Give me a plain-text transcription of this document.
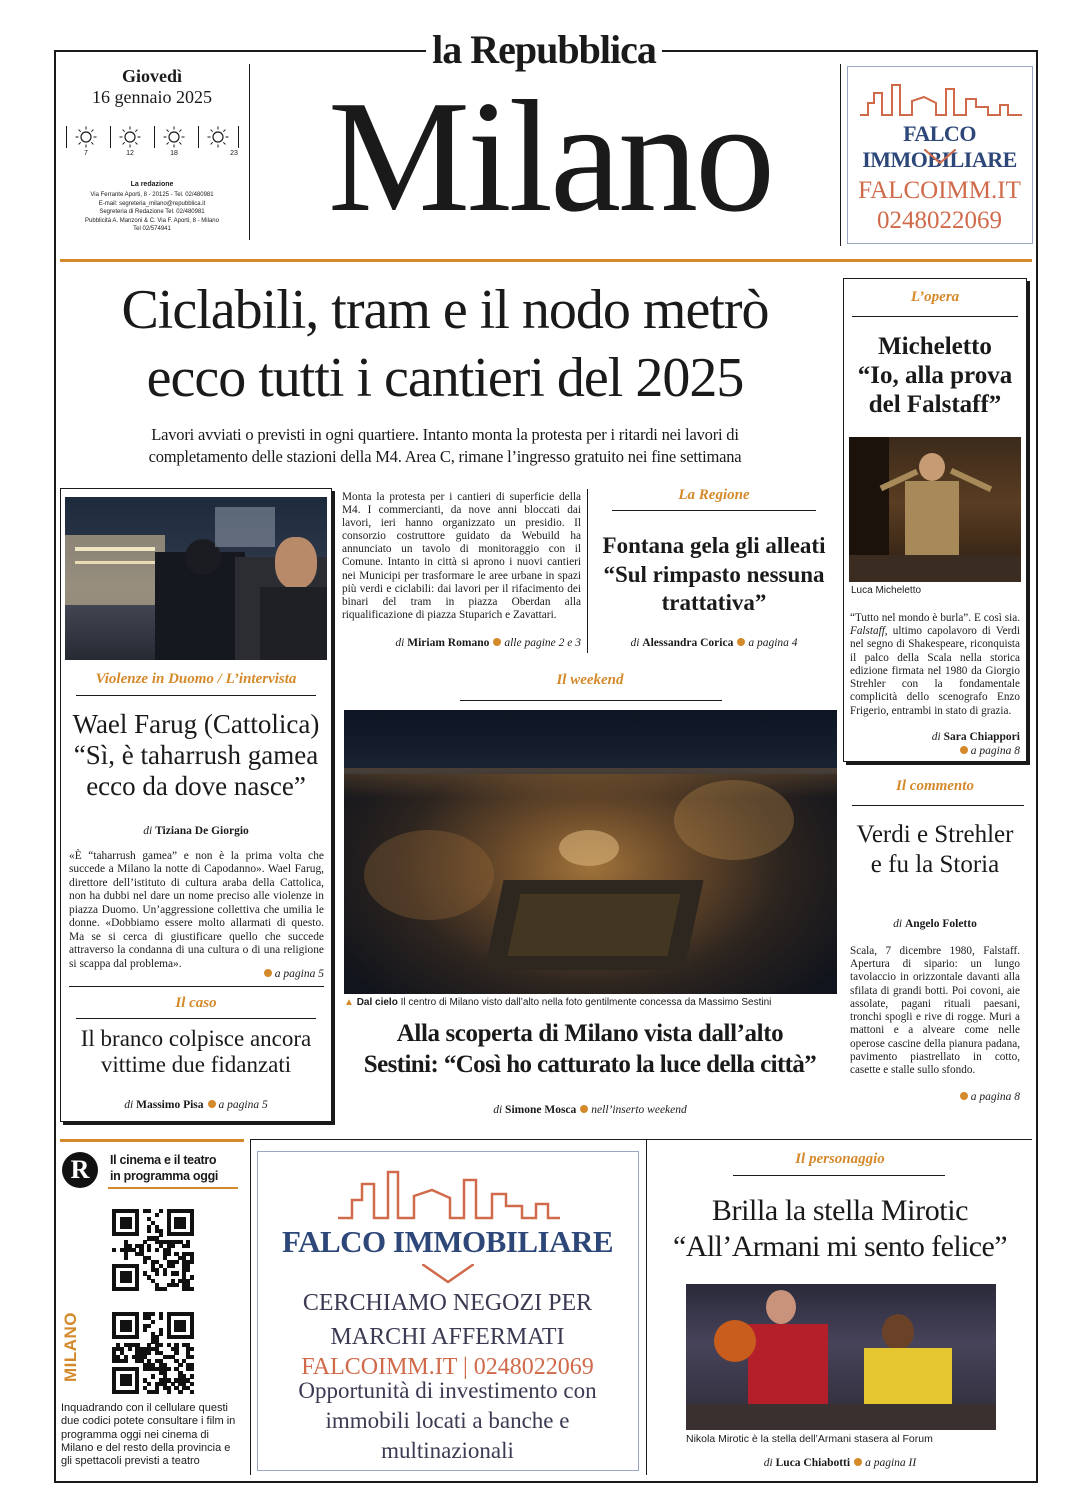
la Repubblica
Milano
Giovedì
16 gennaio 2025
7	12	18	23
La redazione
Via Ferrante Aporti, 8 - 20125 - Tel. 02/480981
E-mail: segreteria_milano@repubblica.it
Segreteria di Redazione Tel. 02/480981
Pubblicità A. Manzoni & C. Via F. Aporti, 8 - Milano
Tel 02/574941
FALCO IMMOBILIARE
FALCOIMM.IT
0248022069
Ciclabili, tram e il nodo metrò
ecco tutti i cantieri del 2025
Lavori avviati o previsti in ogni quartiere. Intanto monta la protesta per i ritardi nei lavori di
completamento delle stazioni della M4. Area C, rimane l’ingresso gratuito nei fine settimana
Violenze in Duomo / L’intervista
Wael Farug (Cattolica)
“Sì, è taharrush gamea
ecco da dove nasce”
di Tiziana De Giorgio
«È “taharrush gamea” e non è la prima volta che succede a Milano la notte di Capodanno». Wael Farug, direttore dell’istituto di cultura araba della Cattolica, non ha dubbi nel dare un nome preciso alle violenze in piazza Duomo. Un’aggressione collettiva che umilia le donne. «Dobbiamo essere molto allarmati di questo. Ma se si cerca di giustificare quello che succede attraverso la condanna di una cultura o di una religione si scappa dal problema».
a pagina 5
Il caso
Il branco colpisce ancora
vittime due fidanzati
di Massimo Pisa a pagina 5
Monta la protesta per i cantieri di superficie della M4. I commercianti, da nove anni bloccati dai lavori, ieri hanno organizzato un presidio. Il consorzio costruttore guidato da Webuild ha annunciato un tavolo di monitoraggio con il Comune. Intanto in città si aprono i nuovi cantieri nei Municipi per trasformare le aree urbane in spazi più verdi e ciclabili: dai lavori per il rifacimento dei binari del tram in piazza Oberdan alla riqualificazione di piazza Stuparich e Zavattari.
di Miriam Romano alle pagine 2 e 3
La Regione
Fontana gela gli alleati “Sul rimpasto nessuna trattativa”
di Alessandra Corica a pagina 4
Il weekend
▲ Dal cielo Il centro di Milano visto dall’alto nella foto gentilmente concessa da Massimo Sestini
Alla scoperta di Milano vista dall’alto
Sestini: “Così ho catturato la luce della città”
di Simone Mosca nell’inserto weekend
L’opera
Micheletto
“Io, alla prova
del Falstaff”
Luca Micheletto
“Tutto nel mondo è burla”. E così sia. Falstaff, ultimo capolavoro di Verdi nel segno di Shakespeare, riconquista il palco della Scala nella storica edizione firmata nel 1980 da Giorgio Strehler con la fondamentale complicità dello scenografo Enzo Frigerio, entrambi in stato di grazia.
di Sara Chiappori
a pagina 8
Il commento
Verdi e Strehler
e fu la Storia
di Angelo Foletto
Scala, 7 dicembre 1980, Falstaff. Apertura di sipario: un lungo tavolaccio in orizzontale davanti alla sfilata di grandi botti. Poi covoni, aie assolate, pagani rituali paesani, tronchi spogli e rive di rogge. Muri a mattoni e a alveare come nelle operose cascine della pianura padana, pavimento piastrellato in cotto, casette e stalle sullo sfondo.
a pagina 8
R	Il cinema e il teatro
in programma oggi
MILANO
Inquadrando con il cellulare questi due codici potete consultare i film in programma oggi nei cinema di Milano e del resto della provincia e gli spettacoli previsti a teatro
FALCO IMMOBILIARE
CERCHIAMO NEGOZI PER
MARCHI AFFERMATI
FALCOIMM.IT | 0248022069
Opportunità di investimento con
immobili locati a banche e
multinazionali
Il personaggio
Brilla la stella Mirotic
“All’Armani mi sento felice”
Nikola Mirotic è la stella dell’Armani stasera al Forum
di Luca Chiabotti a pagina II
